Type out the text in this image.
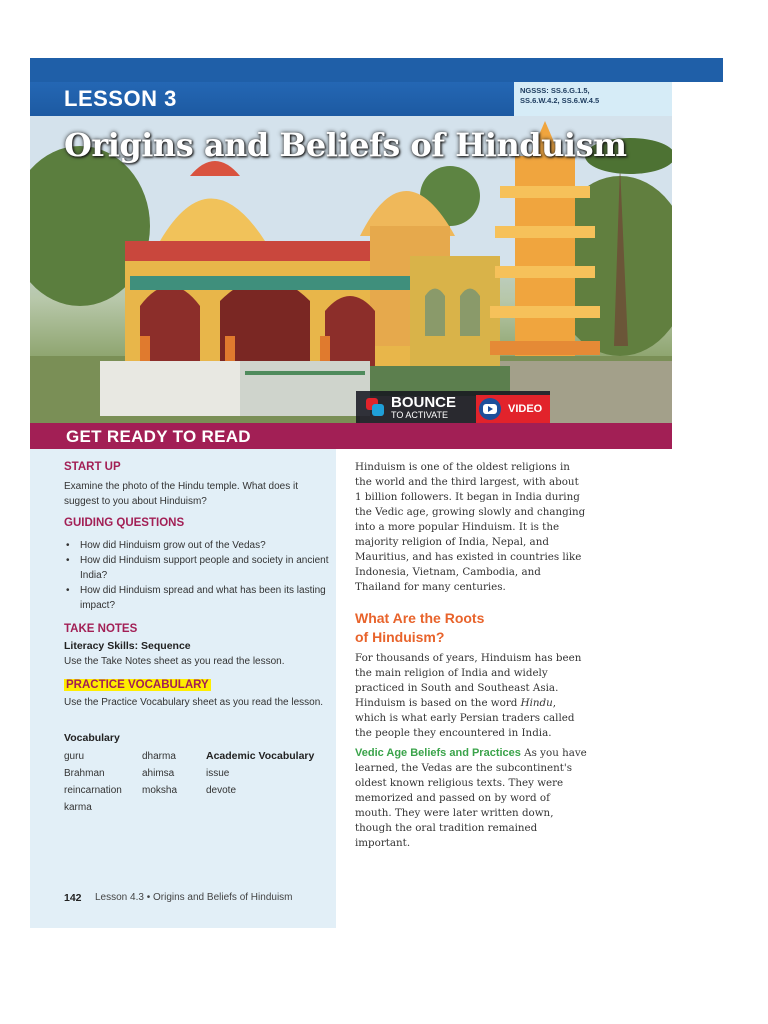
LESSON 3	NGSSS: SS.6.G.1.5,
SS.6.W.4.2, SS.6.W.4.5
Origins and Beliefs of Hinduism
BOUNCE
TO ACTIVATE	VIDEO
GET READY TO READ
START UP
Examine the photo of the Hindu temple. What does it suggest to you about Hinduism?
GUIDING QUESTIONS
• How did Hinduism grow out of the Vedas?
• How did Hinduism support people and society in ancient India?
• How did Hinduism spread and what has been its lasting impact?
TAKE NOTES
Literacy Skills: Sequence
Use the Take Notes sheet as you read the lesson.
PRACTICE VOCABULARY
Use the Practice Vocabulary sheet as you read the lesson.
Vocabulary
guru
Brahman
reincarnation
karma
dharma
ahimsa
moksha
Academic Vocabulary
issue
devote
142 Lesson 4.3 • Origins and Beliefs of Hinduism
Hinduism is one of the oldest religions in the world and the third largest, with about 1 billion followers. It began in India during the Vedic age, growing slowly and changing into a more popular Hinduism. It is the majority religion of India, Nepal, and Mauritius, and has existed in countries like Indonesia, Vietnam, Cambodia, and Thailand for many centuries.
What Are the Roots
of Hinduism?
For thousands of years, Hinduism has been the main religion of India and widely practiced in South and Southeast Asia. Hinduism is based on the word Hindu, which is what early Persian traders called the people they encountered in India.
Vedic Age Beliefs and Practices As you have learned, the Vedas are the subcontinent's oldest known religious texts. They were memorized and passed on by word of mouth. They were later written down, though the oral tradition remained important.
